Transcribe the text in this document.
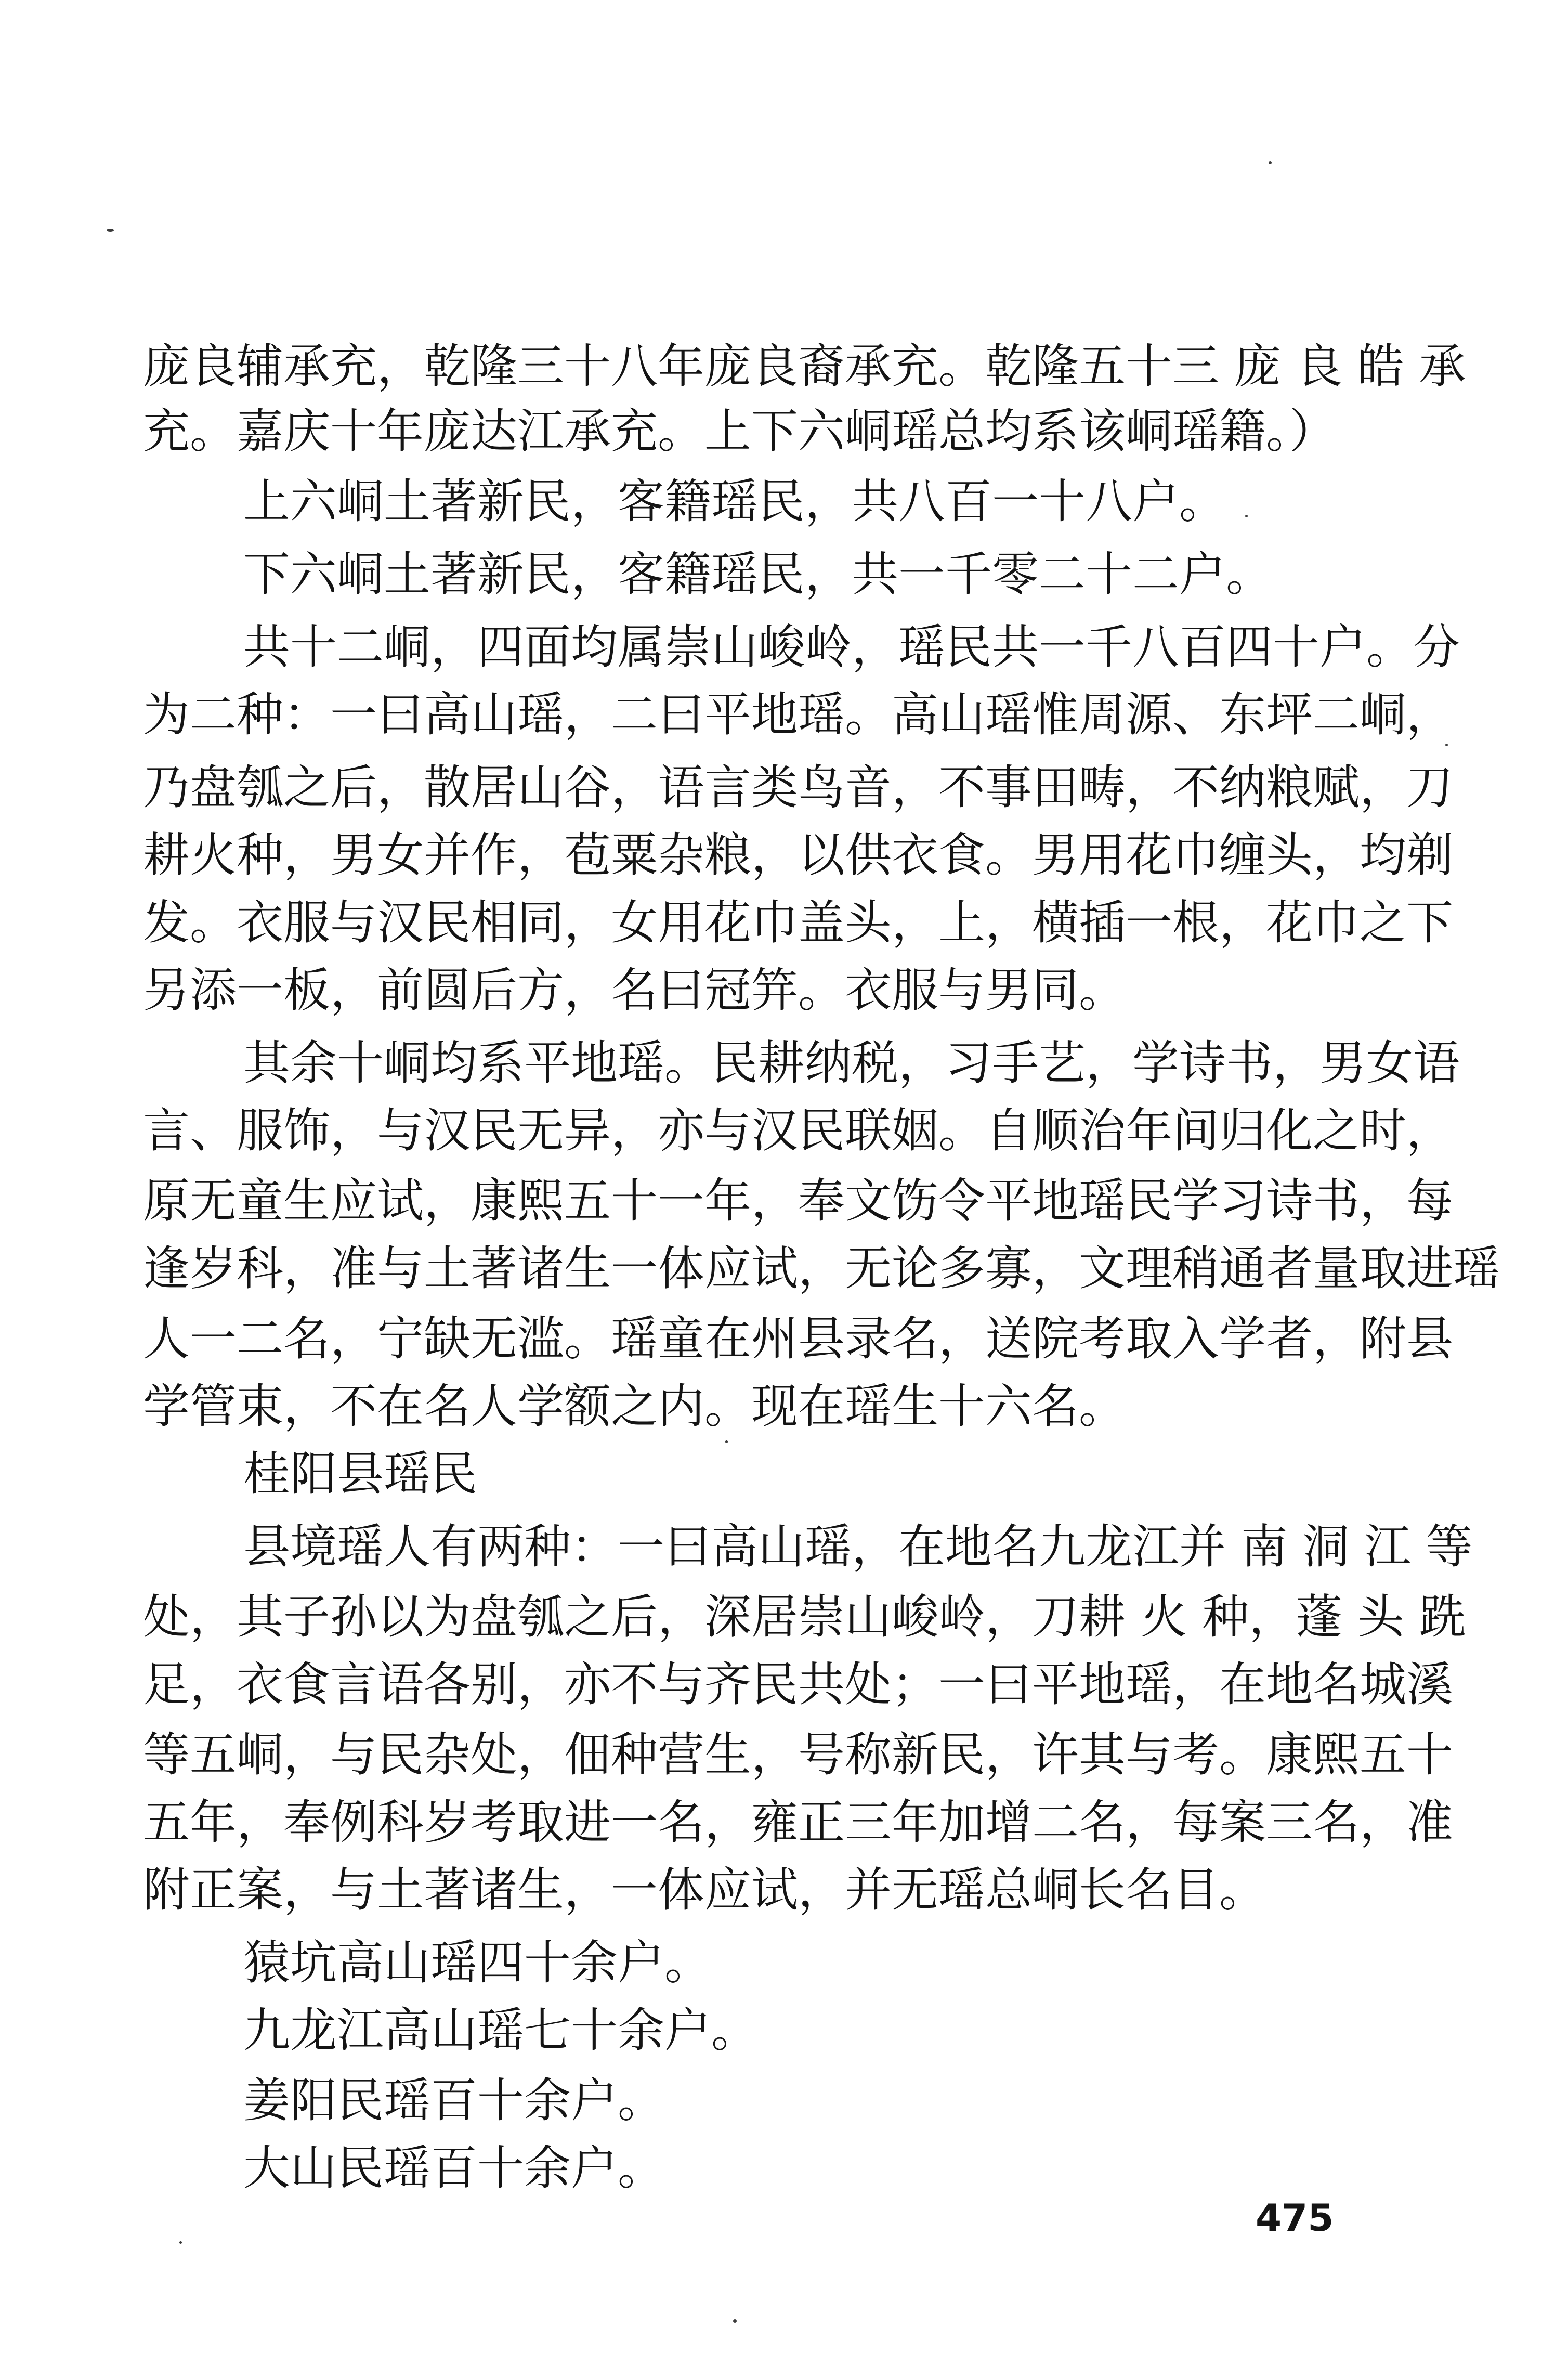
庞良辅承充，乾隆三十八年庞良裔承充。乾隆五十三 庞 良 皓 承
充。嘉庆十年庞达江承充。上下六峒瑶总均系该峒瑶籍。）
上六峒土著新民，客籍瑶民，共八百一十八户。
下六峒土著新民，客籍瑶民，共一千零二十二户。
共十二峒，四面均属崇山峻岭，瑶民共一千八百四十户。分
为二种：一曰高山瑶，二曰平地瑶。高山瑶惟周源、东坪二峒，
乃盘瓠之后，散居山谷，语言类鸟音，不事田畴，不纳粮赋，刀
耕火种，男女并作，苞粟杂粮，以供衣食。男用花巾缠头，均剃
发。衣服与汉民相同，女用花巾盖头，上，横插一根，花巾之下
另添一板，前圆后方，名曰冠笄。衣服与男同。
其余十峒均系平地瑶。民耕纳税，习手艺，学诗书，男女语
言、服饰，与汉民无异，亦与汉民联姻。自顺治年间归化之时，
原无童生应试，康熙五十一年，奉文饬令平地瑶民学习诗书，每
逢岁科，准与土著诸生一体应试，无论多寡，文理稍通者量取进瑶
人一二名，宁缺无滥。瑶童在州县录名，送院考取入学者，附县
学管束，不在名人学额之内。现在瑶生十六名。
桂阳县瑶民
县境瑶人有两种：一曰高山瑶，在地名九龙江并 南 洞 江 等
处，其子孙以为盘瓠之后，深居崇山峻岭，刀耕 火 种，蓬 头 跣
足，衣食言语各别，亦不与齐民共处；一曰平地瑶，在地名城溪
等五峒，与民杂处，佃种营生，号称新民，许其与考。康熙五十
五年，奉例科岁考取进一名，雍正三年加增二名，每案三名，准
附正案，与土著诸生，一体应试，并无瑶总峒长名目。
猿坑高山瑶四十余户。
九龙江高山瑶七十余户。
姜阳民瑶百十余户。
大山民瑶百十余户。
475
